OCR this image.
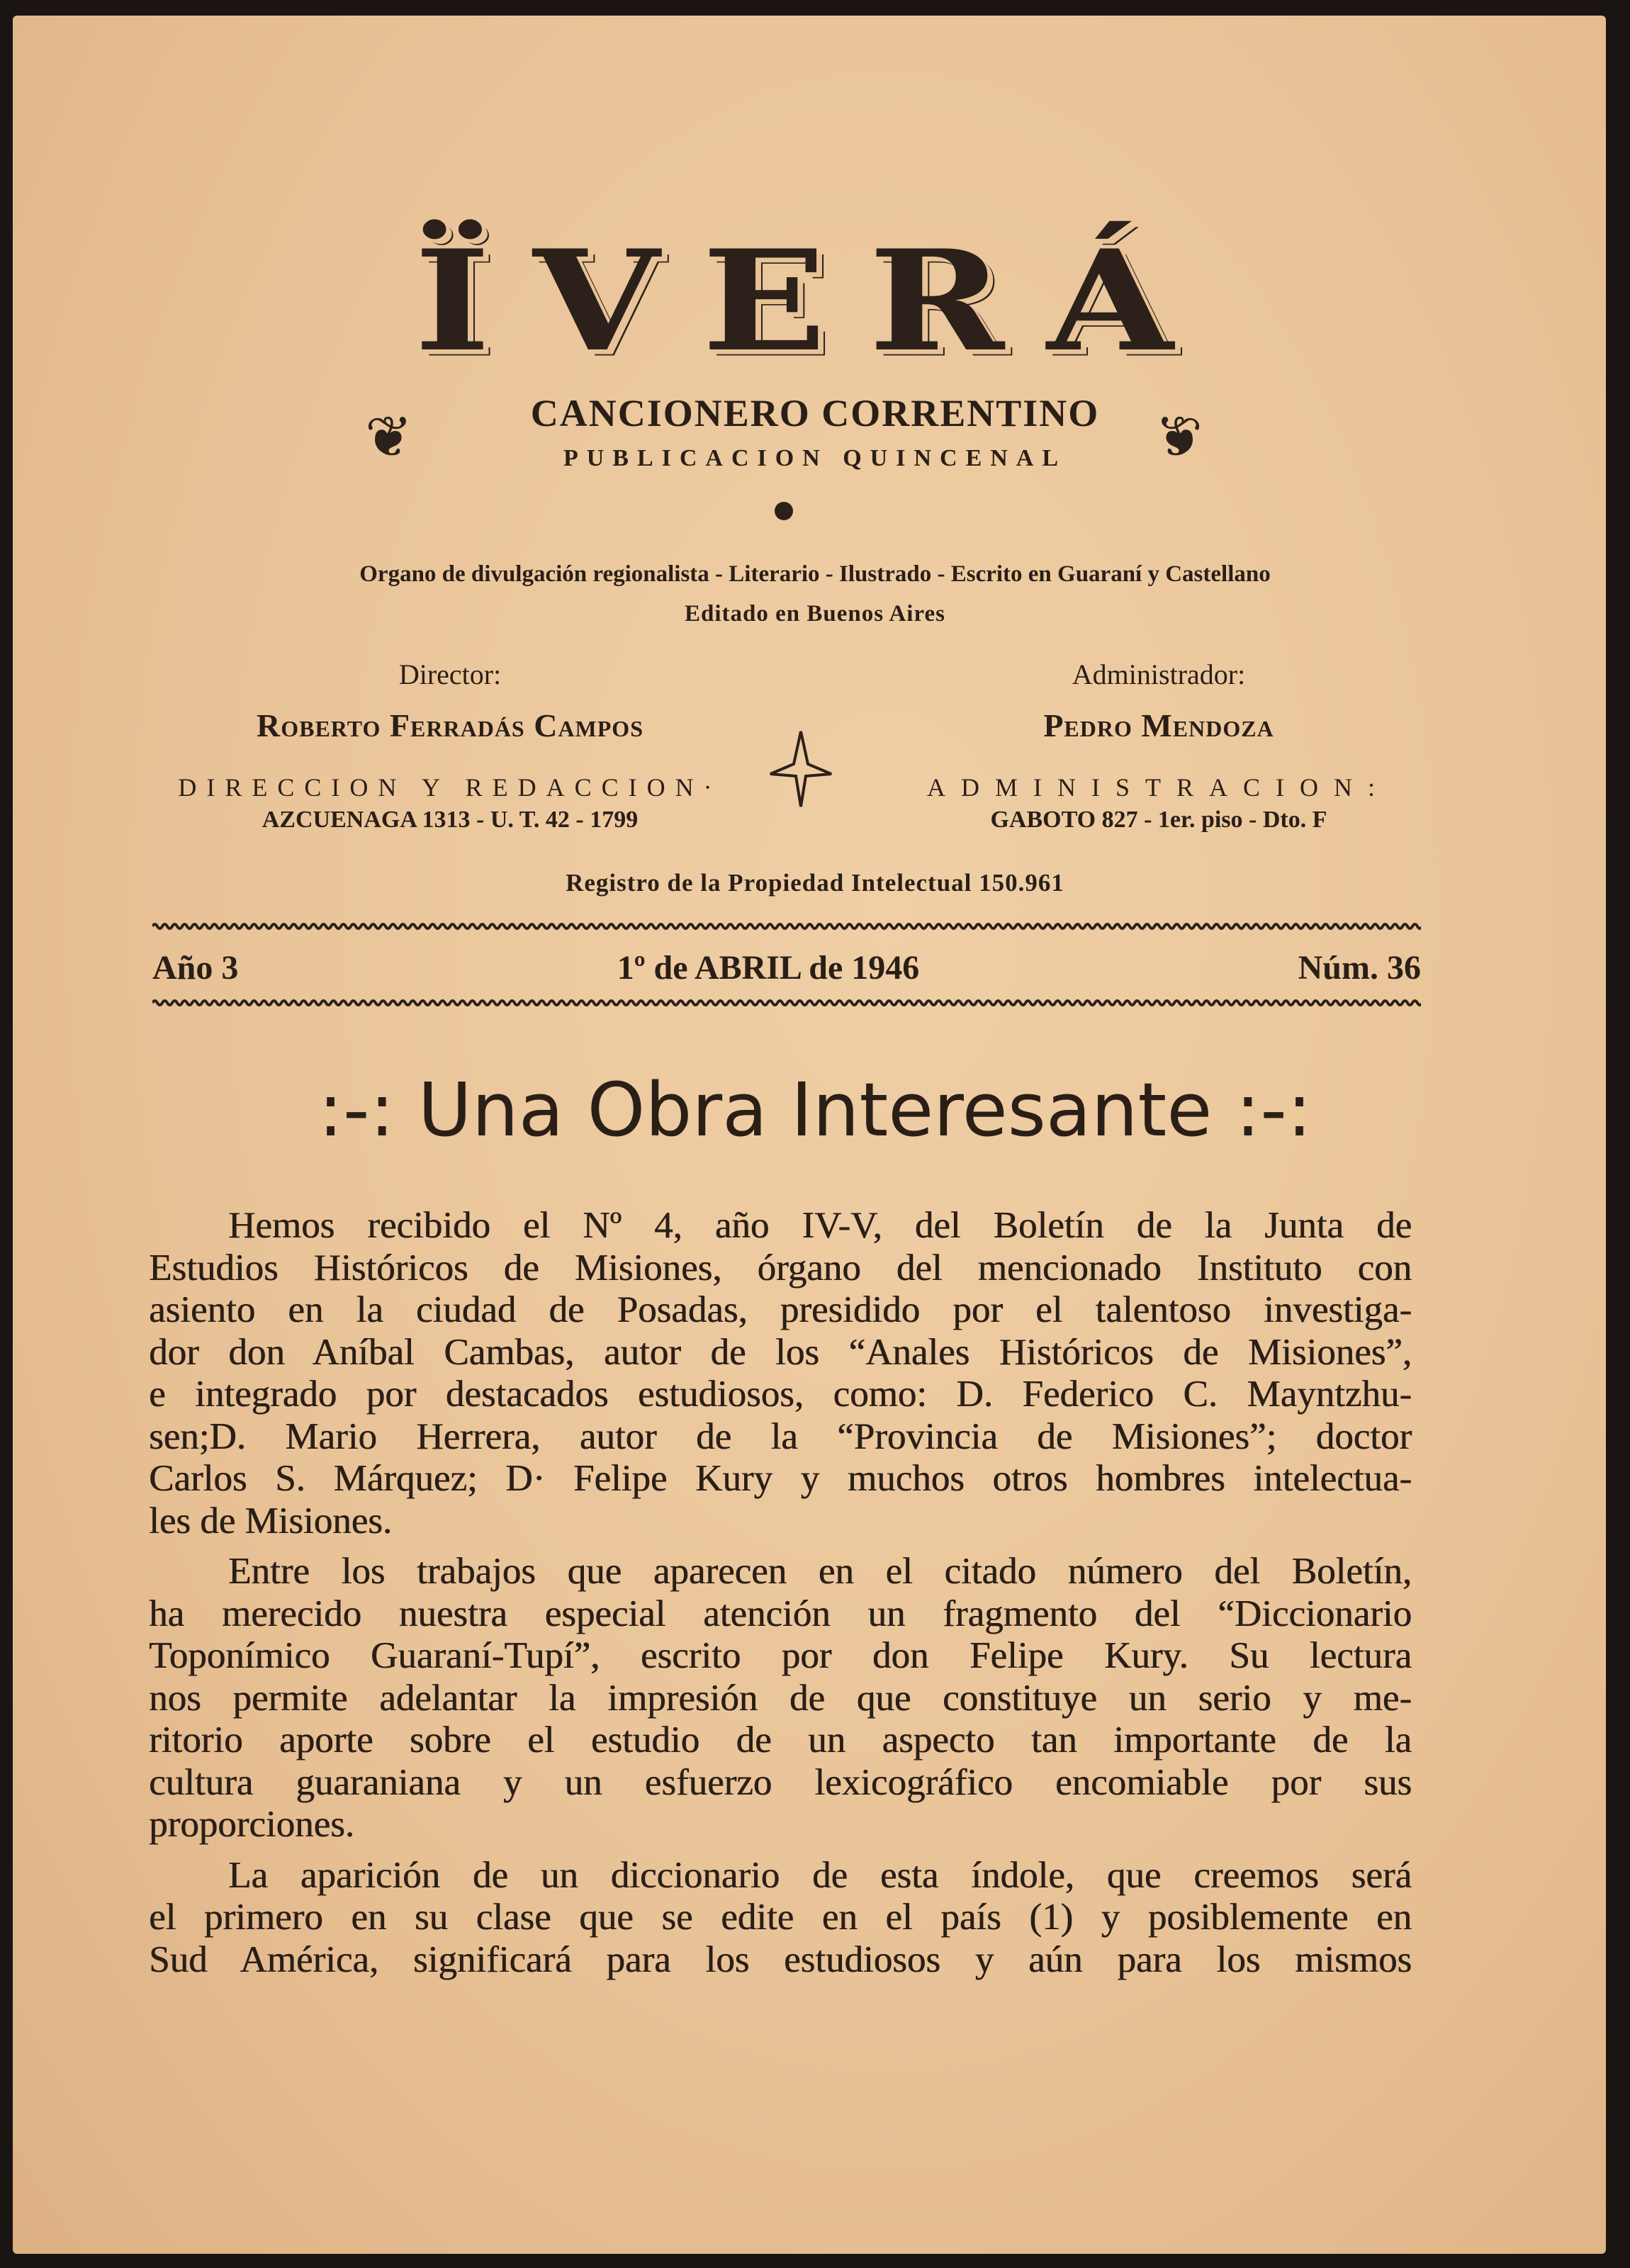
ÏVERÁ
❦	❦
CANCIONERO CORRENTINO
PUBLICACION QUINCENAL
Organo de divulgación regionalista - Literario - Ilustrado - Escrito en Guaraní y Castellano
Editado en Buenos Aires
Director:
Roberto Ferradás Campos
DIRECCION Y REDACCION·
AZCUENAGA 1313 - U. T. 42 - 1799
Administrador:
Pedro Mendoza
ADMINISTRACION:
GABOTO 827 - 1er. piso - Dto. F
Registro de la Propiedad Intelectual 150.961
Año 3	1º de ABRIL de 1946	Núm. 36
:-: Una Obra Interesante :-:
Hemos recibido el Nº 4, año IV-V, del Boletín de la Junta de
Estudios Históricos de Misiones, órgano del mencionado Instituto con
asiento en la ciudad de Posadas, presidido por el talentoso investiga-
dor don Aníbal Cambas, autor de los “Anales Históricos de Misiones”,
e integrado por destacados estudiosos, como: D. Federico C. Mayntzhu-
sen;D. Mario Herrera, autor de la “Provincia de Misiones”; doctor
Carlos S. Márquez; D· Felipe Kury y muchos otros hombres intelectua-
les de Misiones.
Entre los trabajos que aparecen en el citado número del Boletín,
ha merecido nuestra especial atención un fragmento del “Diccionario
Toponímico Guaraní-Tupí”, escrito por don Felipe Kury. Su lectura
nos permite adelantar la impresión de que constituye un serio y me-
ritorio aporte sobre el estudio de un aspecto tan importante de la
cultura guaraniana y un esfuerzo lexicográfico encomiable por sus
proporciones.
La aparición de un diccionario de esta índole, que creemos será
el primero en su clase que se edite en el país (1) y posiblemente en
Sud América, significará para los estudiosos y aún para los mismos
